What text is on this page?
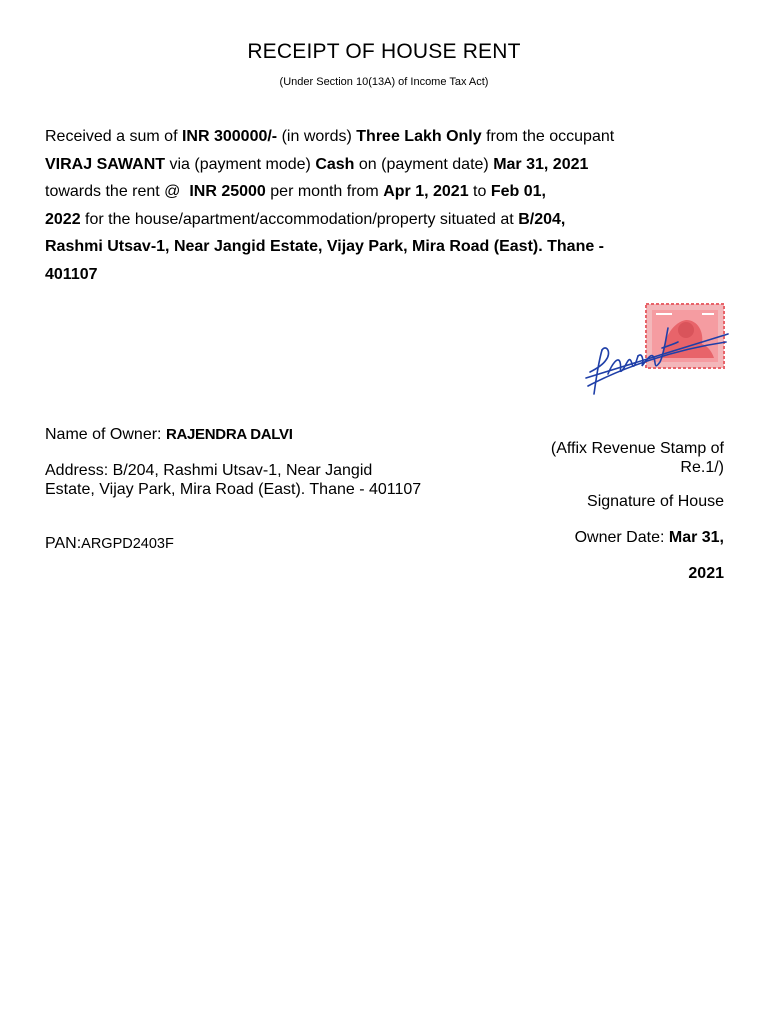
RECEIPT OF HOUSE RENT
(Under Section 10(13A) of Income Tax Act)
Received a sum of INR 300000/- (in words) Three Lakh Only from the occupant
VIRAJ SAWANT via (payment mode) Cash on (payment date) Mar 31, 2021
towards the rent @ INR 25000 per month from Apr 1, 2021 to Feb 01,
2022 for the house/apartment/accommodation/property situated at B/204,
Rashmi Utsav-1, Near Jangid Estate, Vijay Park, Mira Road (East). Thane -
401107
Name of Owner: RAJENDRA DALVI
Address: B/204, Rashmi Utsav-1, Near Jangid Estate, Vijay Park, Mira Road (East). Thane - 401107
PAN:ARGPD2403F
(Affix Revenue Stamp of
Re.1/)
Signature of House
Owner Date: Mar 31,
2021
